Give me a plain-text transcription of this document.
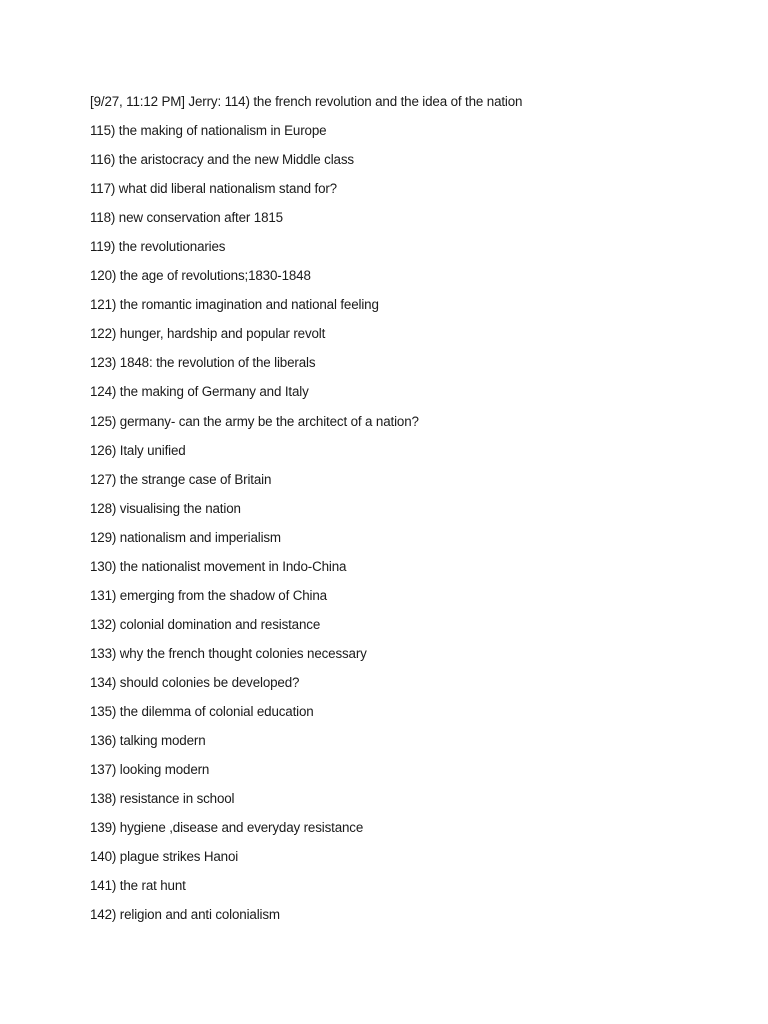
[9/27, 11:12 PM] Jerry: 114) the french revolution and the idea of the nation
115) the making of nationalism in Europe
116) the aristocracy and the new Middle class
117) what did liberal nationalism stand for?
118) new conservation after 1815
119) the revolutionaries
120) the age of revolutions;1830-1848
121) the romantic imagination and national feeling
122) hunger, hardship and popular revolt
123) 1848: the revolution of the liberals
124) the making of Germany and Italy
125) germany- can the army be the architect of a nation?
126) Italy unified
127) the strange case of Britain
128) visualising the nation
129) nationalism and imperialism
130) the nationalist movement in Indo-China
131) emerging from the shadow of China
132) colonial domination and resistance
133) why the french thought colonies necessary
134) should colonies be developed?
135) the dilemma of colonial education
136) talking modern
137) looking modern
138) resistance in school
139) hygiene ,disease and everyday resistance
140) plague strikes Hanoi
141) the rat hunt
142) religion and anti colonialism
